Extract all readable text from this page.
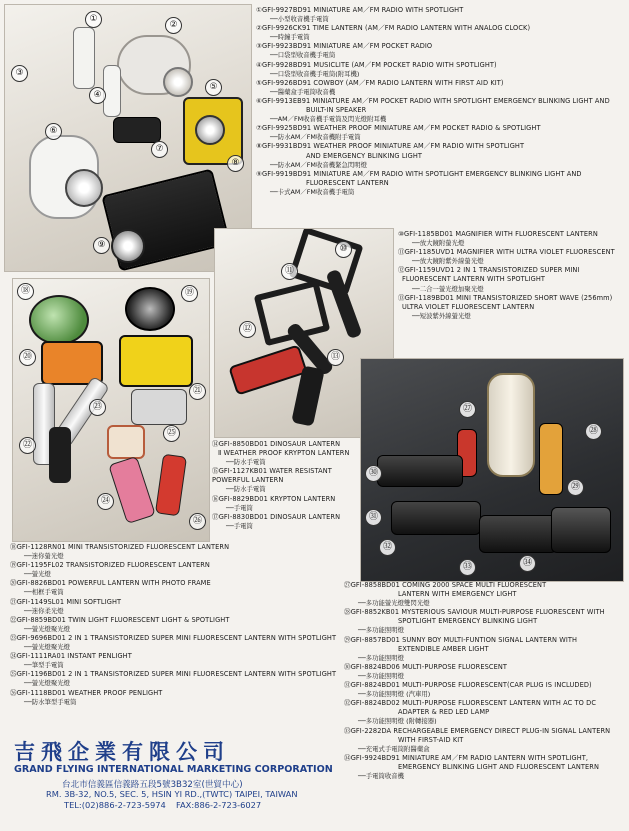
①
②
③
④
⑤
⑥
⑦
⑧
⑨	⑩
⑪
⑫
⑬
⑱	⑲
⑳
㉑
㉒
㉓
㉔
㉕
㉖
㉗
㉘
㉙
㉚
㉛
㉜
㉝	㉞
①GFI-9927BD91 MINIATURE AM／FM RADIO WITH SPOTLIGHT
──小型收音機手電筒
②GFI-9926CK91 TIME LANTERN (AM／FM RADIO LANTERN WITH ANALOG CLOCK)
──時鐘手電筒
③GFI-9923BD91 MINIATURE AM／FM POCKET RADIO
──口袋型收音機手電筒
④GFI-9928BD91 MUSICLITE (AM／FM POCKET RADIO WITH SPOTLIGHT)
──口袋型收音機手電筒(附耳機)
⑤GFI-9926BD91 COWBOY (AM／FM RADIO LANTERN WITH FIRST AID KIT)
──醫藥盒手電筒收音機
⑥GFI-9913EB91 MINIATURE AM／FM POCKET RADIO WITH SPOTLIGHT EMERGENCY BLINKING LIGHT AND
BUILT-IN SPEAKER
──AM／FM收音機手電筒及閃光燈附耳機
⑦GFI-9925BD91 WEATHER PROOF MINIATURE AM／FM POCKET RADIO & SPOTLIGHT
──防水AM／FM收音機附手電筒
⑧GFI-9931BD91 WEATHER PROOF MINIATURE AM／FM RADIO WITH SPOTLIGHT
AND EMERGENCY BLINKING LIGHT
──防水AM／FM收音機緊急閃明燈
⑨GFI-9919BD91 MINIATURE AM／FM RADIO WITH SPOTLIGHT EMERGENCY BLINKING LIGHT AND
FLUORESCENT LANTERN
──卡式AM／FM收音機手電筒
⑩GFI-1185BD01 MAGNIFIER WITH FLUORESCENT LANTERN
──放大鏡附螢光燈
⑪GFI-1185UVD1 MAGNIFIER WITH ULTRA VIOLET FLUORESCENT
──放大鏡附紫外線螢光燈
⑫GFI-1159UVD1 2 IN 1 TRANSISTORIZED SUPER MINI
FLUORESCENT LANTERN WITH SPOTLIGHT
──二合一螢光燈加聚光燈
⑬GFI-1189BD01 MINI TRANSISTORIZED SHORT WAVE (256mm)
ULTRA VIOLET FLUORESCENT LANTERN
──短波紫外線螢光燈
⑭GFI-8850BD01 DINOSAUR LANTERN
Ⅱ WEATHER PROOF KRYPTON LANTERN
──防水手電筒
⑮GFI-1127KB01 WATER RESISTANT
POWERFUL LANTERN
──防水手電筒
⑯GFI-8829BD01 KRYPTON LANTERN
──手電筒
⑰GFI-8830BD01 DINOSAUR LANTERN
──手電筒
⑱GFI-1128RN01 MINI TRANSISTORIZED FLUORESCENT LANTERN
──迷你螢光燈
⑲GFI-1195FL02 TRANSISTORIZED FLUORESCENT LANTERN
──螢光燈
⑳GFI-8826BD01 POWERFUL LANTERN WITH PHOTO FRAME
──相框手電筒
㉑GFI-1149SL01 MINI SOFTLIGHT
──迷你柔光燈
㉒GFI-8859BD01 TWIN LIGHT FLUORESCENT LIGHT & SPOTLIGHT
──螢光燈聚光燈
㉓GFI-9696BD01 2 IN 1 TRANSISTORIZED SUPER MINI FLUORESCENT LANTERN WITH SPOTLIGHT
──螢光燈聚光燈
㉔GFI-1111RA01 INSTANT PENLIGHT
──筆型手電筒
㉕GFI-1196BD01 2 IN 1 TRANSISTORIZED SUPER MINI FLUORESCENT LANTERN WITH SPOTLIGHT
──螢光燈聚光燈
㉖GFI-1118BD01 WEATHER PROOF PENLIGHT
──防水筆型手電筒
㉗GFI-8858BD01 COMING 2000 SPACE MULTI FLUORESCENT
LANTERN WITH EMERGENCY LIGHT
──多功能螢光燈雙閃光燈
㉘GFI-8852KB01 MYSTERIOUS SAVIOUR MULTI-PURPOSE FLUORESCENT WITH
SPOTLIGHT EMERGENCY BLINKING LIGHT
──多功能照明燈
㉙GFI-8857BD01 SUNNY BOY MULTI-FUNTION SIGNAL LANTERN WITH
EXTENDIBLE AMBER LIGHT
──多功能照明燈
㉚GFI-8824BD06 MULTI-PURPOSE FLUORESCENT
──多功能照明燈
㉛GFI-8824BD01 MULTI-PURPOSE FLUORESCENT(CAR PLUG IS INCLUDED)
──多功能照明燈 (汽車用)
㉜GFI-8824BD02 MULTI-PURPOSE FLUORESCENT LANTERN WITH AC TO DC
ADAPTER & RED LED LAMP
──多功能照明燈 (附轉接器)
㉝GFI-2282DA RECHARGEABLE EMERGENCY DIRECT PLUG-IN SIGNAL LANTERN
WITH FIRST-AID KIT
──充電式手電筒附醫藥盒
㉞GFI-9924BD91 MINIATURE AM／FM RADIO LANTERN WITH SPOTLIGHT,
EMERGENCY BLINKING LIGHT AND FLUORESCENT LANTERN
──手電筒收音機
吉飛企業有限公司
GRAND FLYING INTERNATIONAL MARKETING CORPORATION
台北市信義區信義路五段5號3B32室(世貿中心)
RM. 3B-32, NO.5, SEC. 5, HSIN YI RD.,(TWTC) TAIPEI, TAIWAN
TEL:(02)886-2-723-5974 FAX:886-2-723-6027
